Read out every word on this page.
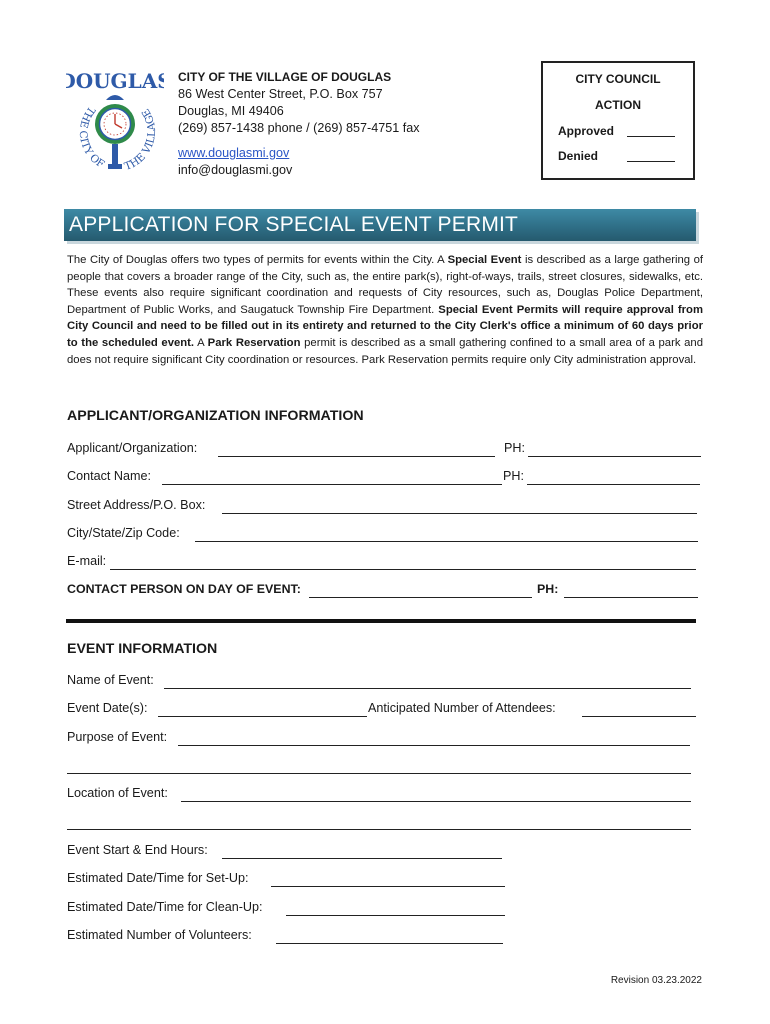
DOUGLA
THE CITY OF	THE VILLAGE
CITY OF THE VILLAGE OF DOUGLAS
86 West Center Street, P.O. Box 757
Douglas, MI 49406
(269) 857-1438 phone / (269) 857-4751 fax
www.douglasmi.gov
info@douglasmi.gov
CITY COUNCIL
ACTION
Approved
Denied
APPLICATION FOR SPECIAL EVENT PERMIT
The City of Douglas offers two types of permits for events within the City. A Special Event is described as a large gathering of people that covers a broader range of the City, such as, the entire park(s), right-of-ways, trails, street closures, sidewalks, etc. These events also require significant coordination and requests of City resources, such as, Douglas Police Department, Department of Public Works, and Saugatuck Township Fire Department. Special Event Permits will require approval from City Council and need to be filled out in its entirety and returned to the City Clerk's office a minimum of 60 days prior to the scheduled event. A Park Reservation permit is described as a small gathering confined to a small area of a park and does not require significant City coordination or resources. Park Reservation permits require only City administration approval.
APPLICANT/ORGANIZATION INFORMATION
Applicant/Organization:	PH:
Contact Name:	PH:
Street Address/P.O. Box:
City/State/Zip Code:
E-mail:
CONTACT PERSON ON DAY OF EVENT:	PH:
EVENT INFORMATION
Name of Event:
Event Date(s):	Anticipated Number of Attendees:
Purpose of Event:
Location of Event:
Event Start & End Hours:
Estimated Date/Time for Set-Up:
Estimated Date/Time for Clean-Up:
Estimated Number of Volunteers:
Revision 03.23.2022
